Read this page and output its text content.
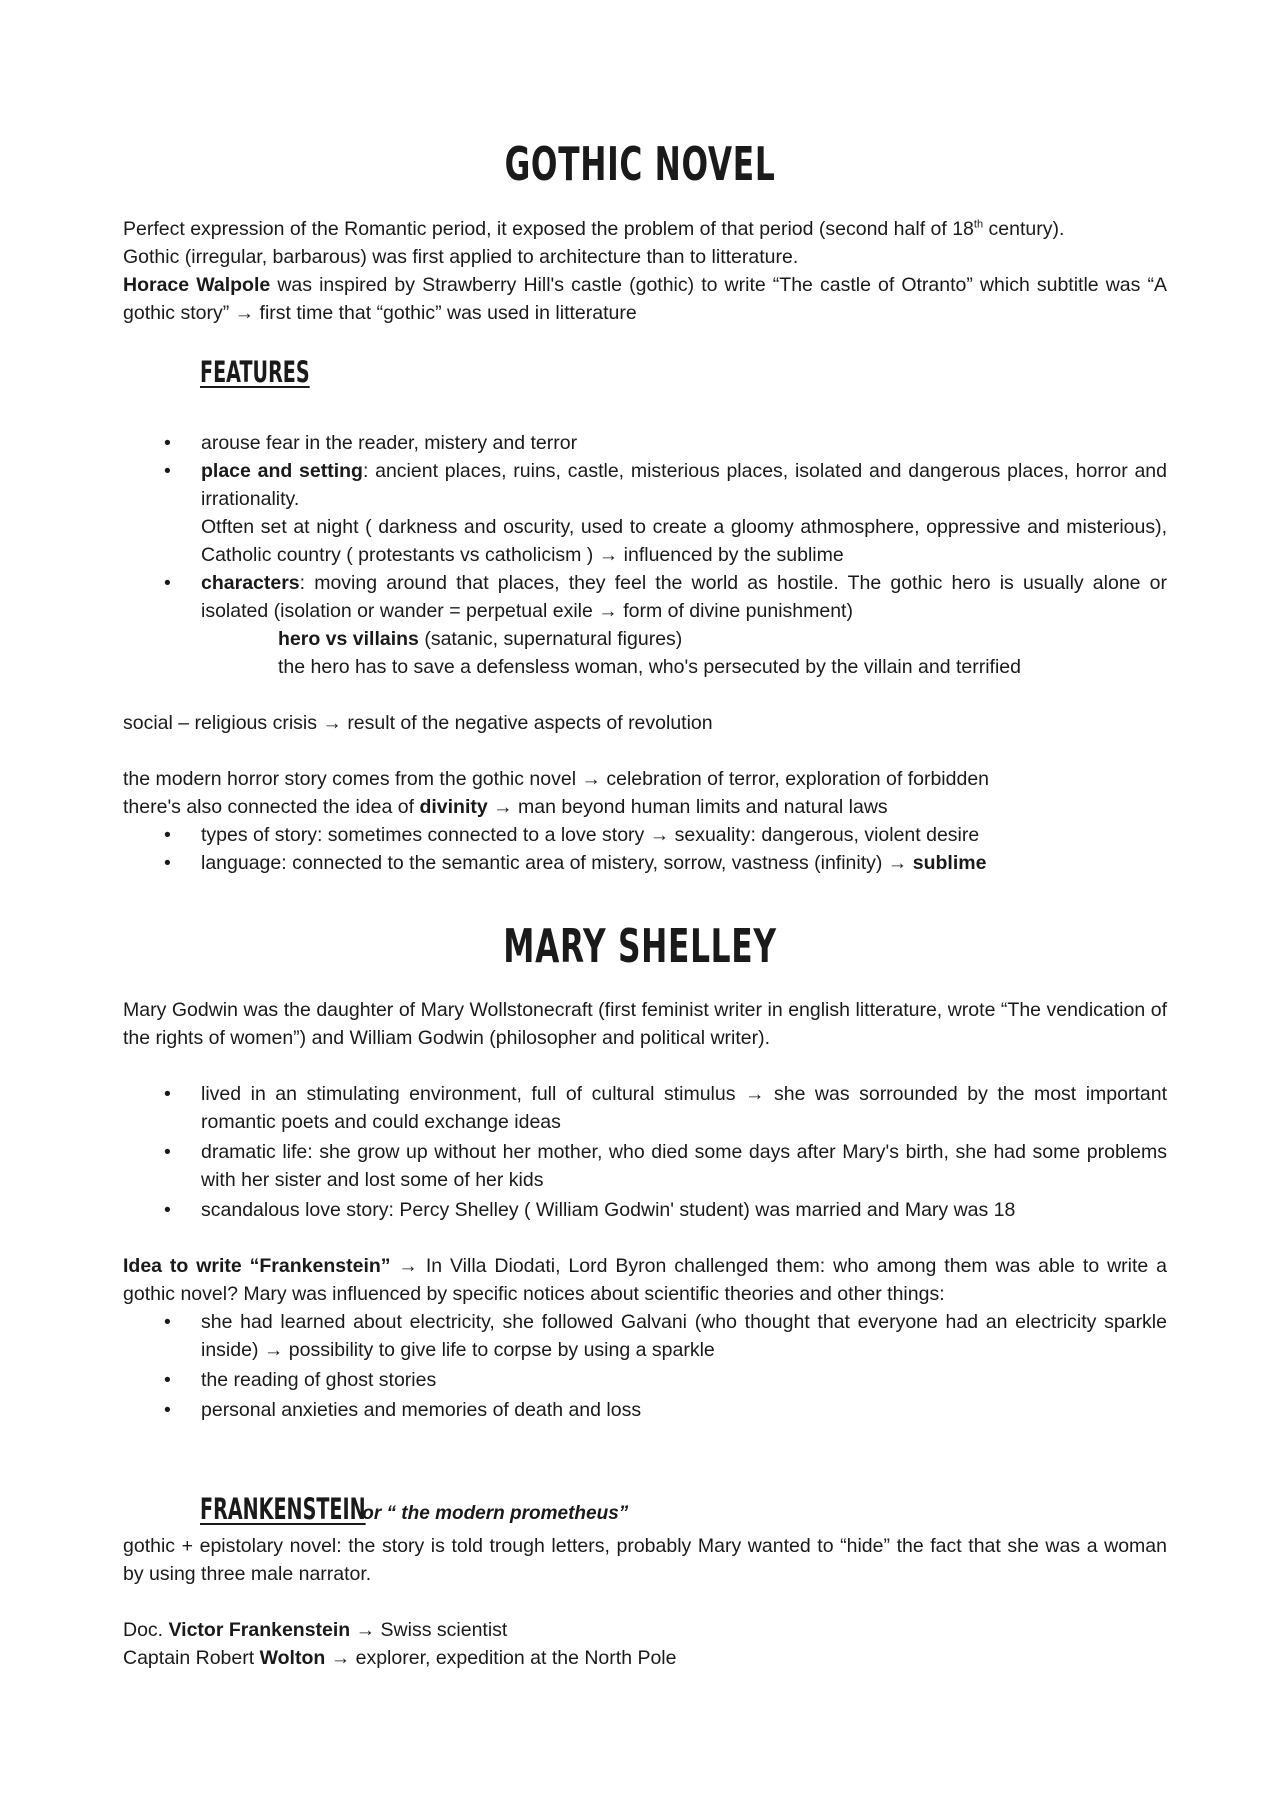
GOTHIC NOVEL

Perfect expression of the Romantic period, it exposed the problem of that period (second half of 18th century).

Gothic (irregular, barbarous) was first applied to architecture than to litterature.

Horace Walpole was inspired by Strawberry Hill's castle (gothic) to write “The castle of Otranto” which subtitle was “A gothic story” → first time that “gothic” was used in litterature

FEATURES
• arouse fear in the reader, mistery and terror
• place and setting: ancient places, ruins, castle, misterious places, isolated and dangerous places, horror and irrationality.
Otften set at night ( darkness and oscurity, used to create a gloomy athmosphere, oppressive and misterious), Catholic country ( protestants vs catholicism ) → influenced by the sublime
• characters: moving around that places, they feel the world as hostile. The gothic hero is usually alone or isolated (isolation or wander = perpetual exile → form of divine punishment)

hero vs villains (satanic, supernatural figures)

the hero has to save a defensless woman, who's persecuted by the villain and terrified

social – religious crisis → result of the negative aspects of revolution

the modern horror story comes from the gothic novel → celebration of terror, exploration of forbidden

there's also connected the idea of divinity → man beyond human limits and natural laws

• types of story: sometimes connected to a love story → sexuality: dangerous, violent desire
• language: connected to the semantic area of mistery, sorrow, vastness (infinity) → sublime
MARY SHELLEY

Mary Godwin was the daughter of Mary Wollstonecraft (first feminist writer in english litterature, wrote “The vendication of the rights of women”) and William Godwin (philosopher and political writer).

• lived in an stimulating environment, full of cultural stimulus → she was sorrounded by the most important romantic poets and could exchange ideas
• dramatic life: she grow up without her mother, who died some days after Mary's birth, she had some problems with her sister and lost some of her kids
• scandalous love story: Percy Shelley ( William Godwin' student) was married and Mary was 18

Idea to write “Frankenstein” → In Villa Diodati, Lord Byron challenged them: who among them was able to write a gothic novel? Mary was influenced by specific notices about scientific theories and other things:

• she had learned about electricity, she followed Galvani (who thought that everyone had an electricity sparkle inside) → possibility to give life to corpse by using a sparkle
• the reading of ghost stories
• personal anxieties and memories of death and loss
FRANKENSTEIN or “ the modern prometheus”

gothic + epistolary novel: the story is told trough letters, probably Mary wanted to “hide” the fact that she was a woman by using three male narrator.

Doc. Victor Frankenstein → Swiss scientist

Captain Robert Wolton → explorer, expedition at the North Pole
